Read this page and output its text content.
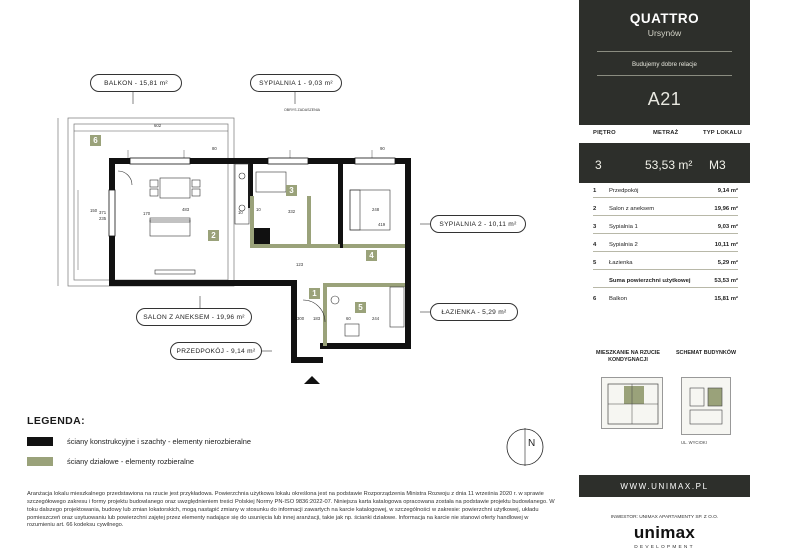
602
483
150 371
235
170	332
10	248
419
123
183	244
300	60
80	90
10
OBRYS ZADASZENIA
BALKON - 15,81 m²	SYPIALNIA 1 - 9,03 m²
SYPIALNIA 2 - 10,11 m²
SALON Z ANEKSEM - 19,96 m²
ŁAZIENKA - 5,29 m²
PRZEDPOKÓJ - 9,14 m²
1
2
3
4
5
6
LEGENDA:
ściany konstrukcyjne i szachty - elementy nierozbieralne
ściany działowe - elementy rozbieralne
N
Aranżacja lokalu mieszkalnego przedstawiona na rzucie jest przykładowa. Powierzchnia użytkowa lokalu określona jest na podstawie Rozporządzenia Ministra Rozwoju z dnia 11 września 2020 r. w sprawie szczegółowego zakresu i formy projektu budowlanego oraz uwzględnieniem treści Polskiej Normy PN-ISO 9836:2022-07. Niniejsza karta katalogowa opracowana została na podstawie projektu budowlanego. W toku dalszego projektowania, budowy lub zmian lokatorskich, mogą nastąpić zmiany w stosunku do informacji zawartych na karcie katalogowej, w szczególności w zakresie: powierzchni użytkowej, układu pomieszczeń oraz usytuowaniu lub powierzchni zajętej przez elementy nadające się do usunięcia lub innej aranżacji, takie jak np. ścianki działowe. Informacja na karcie nie stanowi oferty handlowej w rozumieniu art. 66 kodeksu cywilnego.
QUATTRO
Ursynów
Budujemy dobre relacje
A21
PIĘTRO	METRAŻ	TYP LOKALU
3	53,53 m² M3
1 Przedpokój	9,14 m²
2 Salon z aneksem	19,96 m²
3 Sypialnia 1	9,03 m²
4 Sypialnia 2	10,11 m²
5 Łazienka	5,29 m²
Suma powierzchni użytkowej	53,53 m²
6 Balkon	15,81 m²
MIESZKANIE NA RZUCIE KONDYGNACJI
SCHEMAT BUDYNKÓW
UL. WYCIOKI
WWW.UNIMAX.PL
INWESTOR: UNIMAX APARTAMENTY SP. Z O.O.
unimax
DEVELOPMENT
